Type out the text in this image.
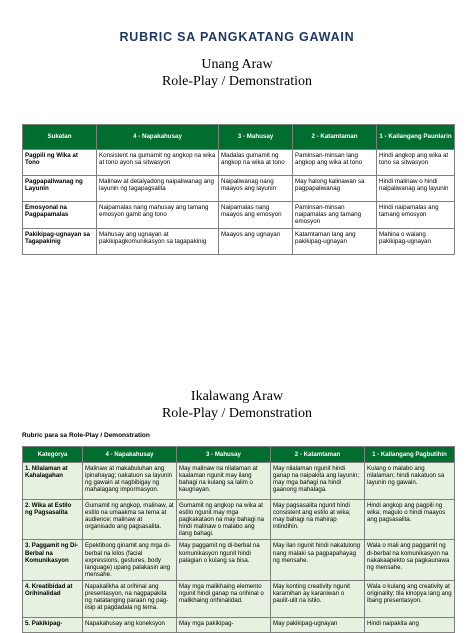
RUBRIC SA PANGKATANG GAWAIN
Unang Araw
Role-Play / Demonstration
Sukatan	4 - Napakahusay	3 - Mahusay	2 - Katamtaman	1 - Kailangang Paunlarin
Pagpili ng Wika at Tono	Konsistent na gumamit ng angkop na wika at tono ayon sa sitwasyon	Madalas gumamit ng angkop na wika at tono	Paminsan-minsan lang angkop ang wika at tono	Hindi angkop ang wika at tono sa sitwasyon
Pagpapaliwanag ng Layunin	Malinaw at detalyadong naipaliwanag ang layunin ng tagapagsalita	Naipaliwanag nang maayos ang layunin	May halong kalinawan sa pagpapaliwanag	Hindi malinaw o hindi naipaliwanag ang layunin
Emosyonal na Pagpapamalas	Naipamalas nang mahusay ang tamang emosyon gamit ang tono	Naipamalas nang maayos ang emosyon	Paminsan-minsan naipamalas ang tamang emosyon	Hindi naipamalas ang tamang emosyon
Pakikipag-ugnayan sa Tagapakinig	Mahusay ang ugnayan at pakikipagkomunikasyon sa tagapakinig	Maayos ang ugnayan	Katamtaman lang ang pakikipag-ugnayan	Mahina o walang pakikipag-ugnayan
Ikalawang Araw
Role-Play / Demonstration
Rubric para sa Role-Play / Demonstration
Kategorya	4 - Napakahusay	3 - Mahusay	2 - Katamtaman	1 - Kailangang Pagbutihin
1. Nilalaman at Kahalagahan	Malinaw at makabuluhan ang ipinahayag; nakatuon sa layunin ng gawain at nagbibigay ng mahalagang impormasyon.	May malinaw na nilalaman at kaalaman ngunit may ilang bahagi na kulang sa lalim o kaugnayan.	May nilalaman ngunit hindi ganap na naipakita ang layunin; may mga bahagi na hindi gaanong mahalaga.	Kulang o malabo ang nilalaman; hindi nakatuon sa layunin ng gawain.
2. Wika at Estilo ng Pagsasalita	Gumamit ng angkop, malinaw, at estilo na umaakma sa tema at audience; malinaw at organisado ang pagsasalita.	Gumamit ng angkop na wika at estilo ngunit may mga pagkakataon na may bahagi na hindi malinaw o malabo ang ilang bahagi.	May pagsasalita ngunit hindi consistent ang estilo at wika; may bahagi na mahirap intindihin.	Hindi angkop ang pagpili ng wika; magulo o hindi maayos ang pagsasalita.
3. Paggamit ng Di-Berbal na Komunikasyon	Epektibong ginamit ang mga di-berbal na kilos (facial expressions, gestures, body language) upang palakasin ang mensahe.	May paggamit ng di-berbal na komunikasyon ngunit hindi palagian o kulang sa bisa.	May ilan ngunit hindi nakatulong nang malaki sa pagpapahayag ng mensahe.	Wala o mali ang paggamit ng di-berbal na komunikasyon na nakakaapekto sa pagkaunawa ng mensahe.
4. Kreatibidad at Orihinalidad	Napakalikha at orihinal ang presentasyon, na nagpapakita ng natatanging paraan ng pag-iisip at pagdadala ng tema.	May mga malikhaing elemento ngunit hindi ganap na orihinal o malikhaing orihinalidad.	May konting creativity ngunit karamihan ay karaniwan o paulit-ulit na istilo.	Wala o kulang ang creativity at originality; tila kinopya lang ang ibang presentasyon.
5. Pakikipag-	Napakahusay ang koneksyon	May mga pakikipag-	May pakikipag-ugnayan	Hindi naipakita ang
